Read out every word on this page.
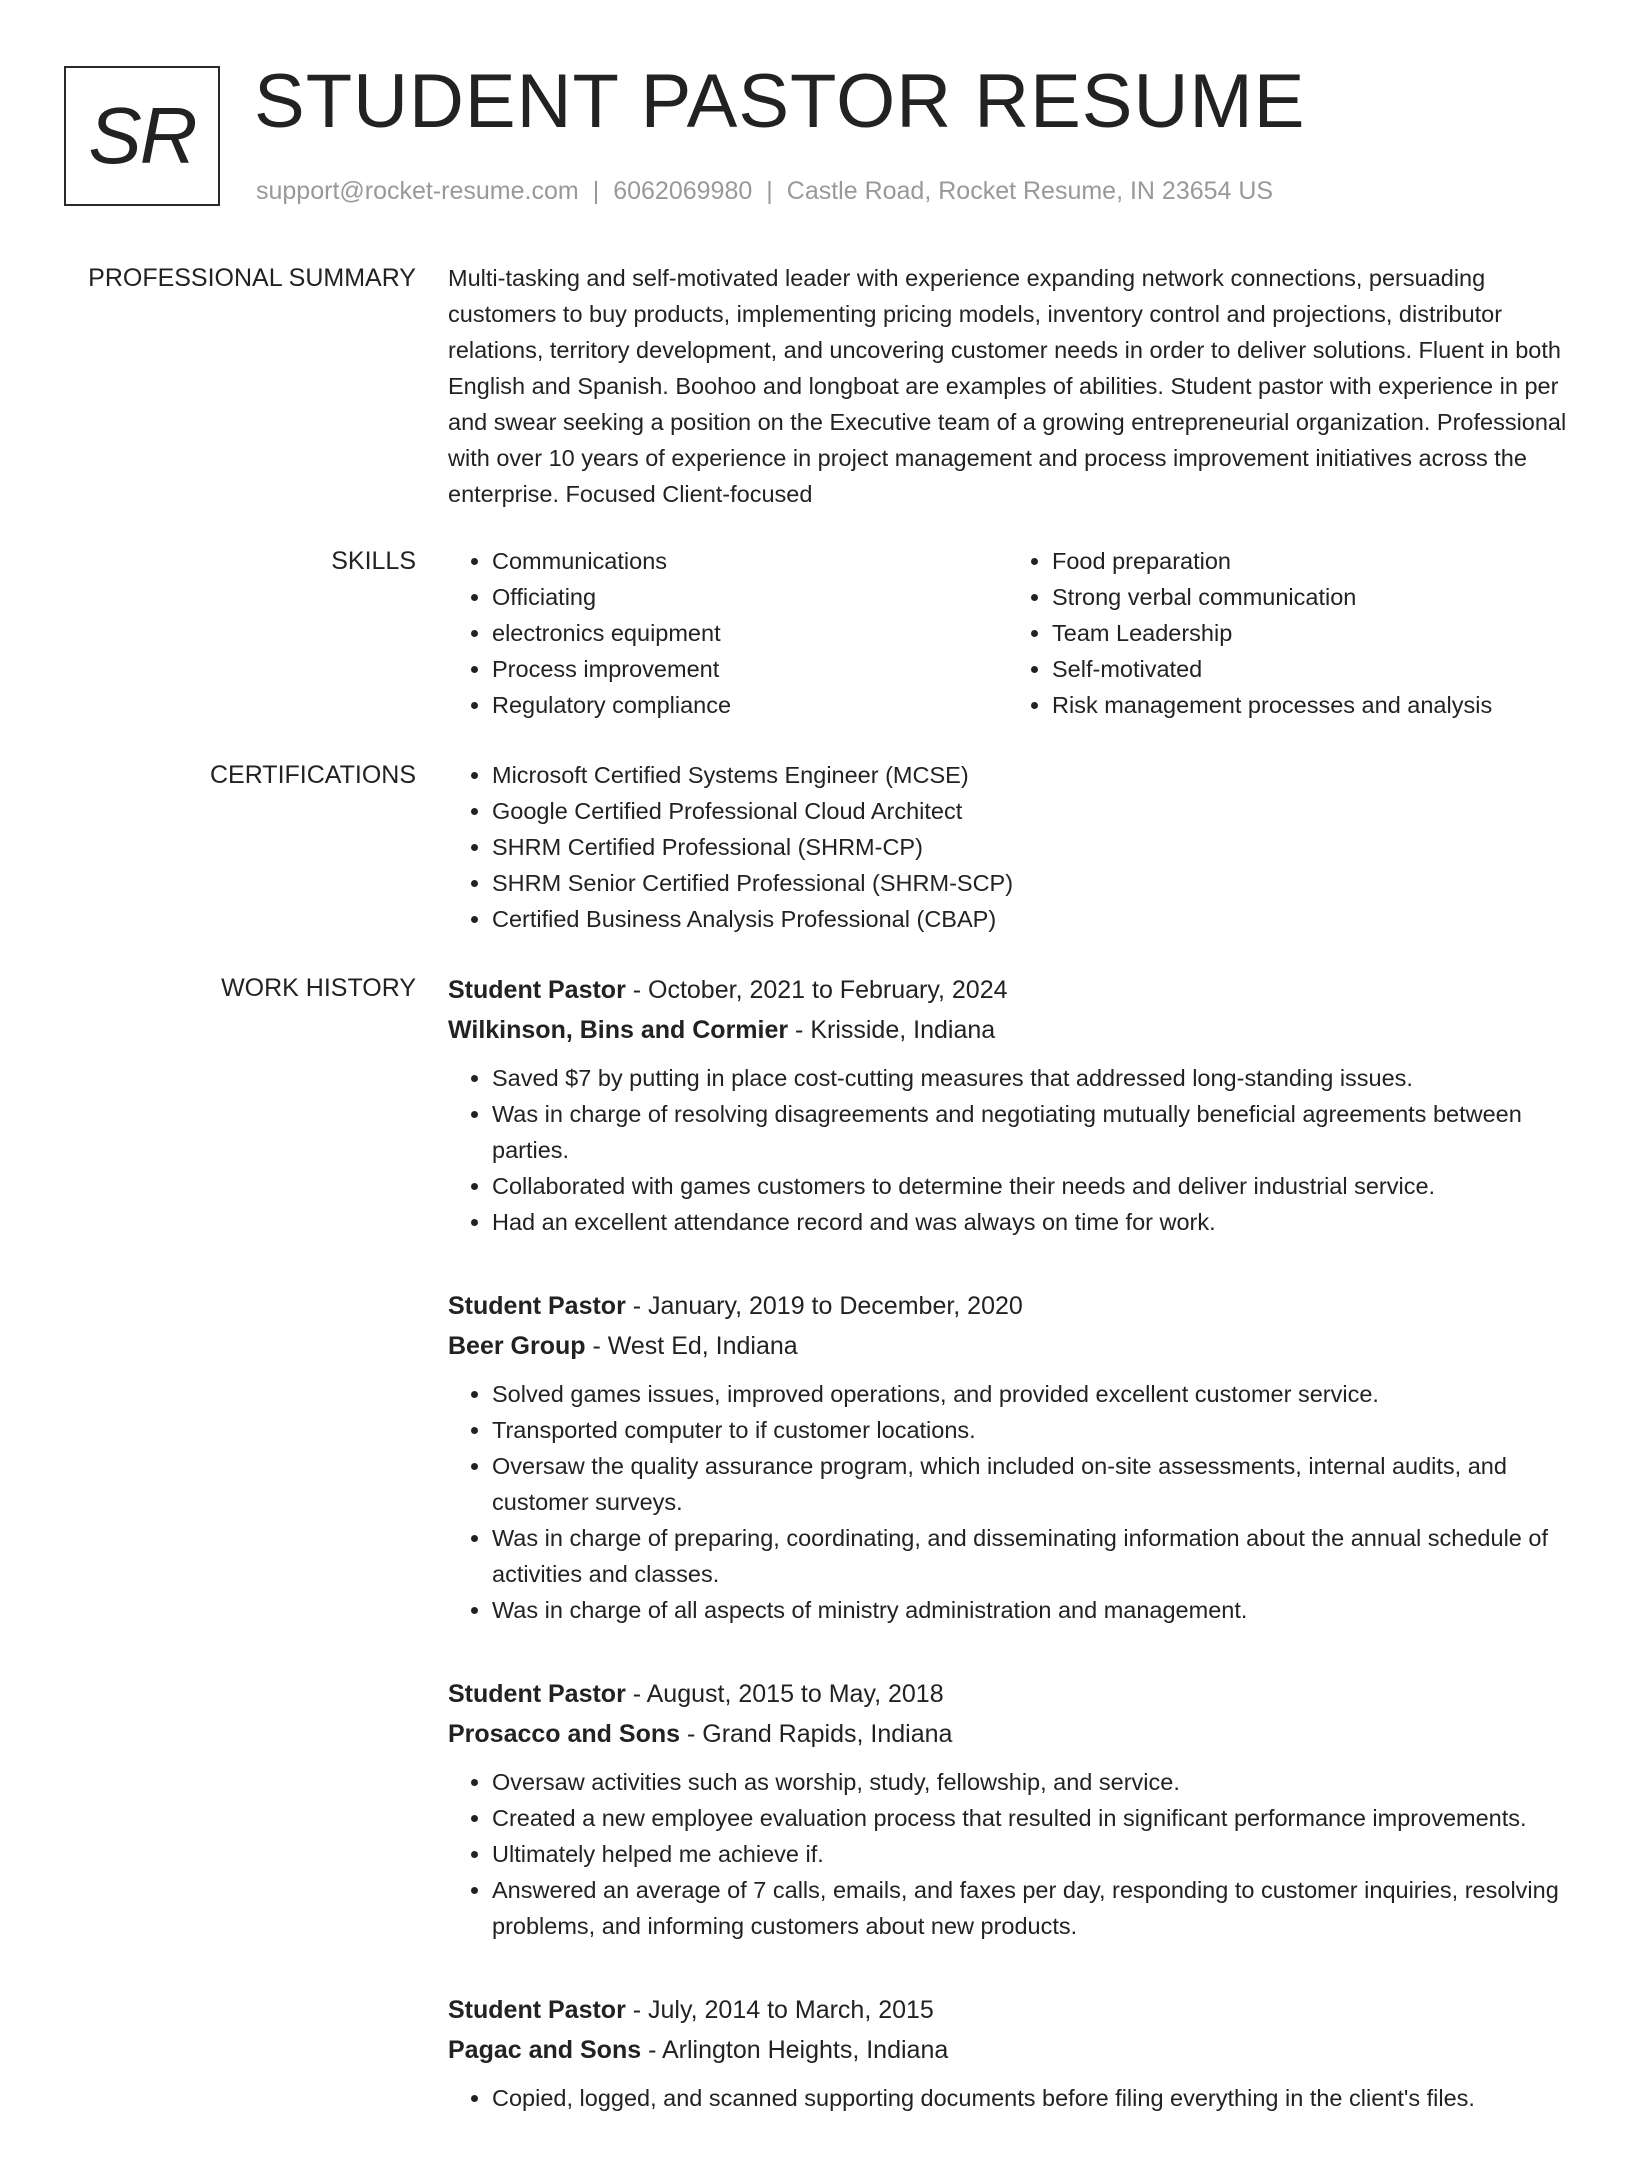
SR STUDENT PASTOR RESUME
support@rocket-resume.com | 6062069980 | Castle Road, Rocket Resume, IN 23654 US
PROFESSIONAL SUMMARY Multi-tasking and self-motivated leader with experience expanding network connections, persuading customers to buy products, implementing pricing models, inventory control and projections, distributor relations, territory development, and uncovering customer needs in order to deliver solutions. Fluent in both English and Spanish. Boohoo and longboat are examples of abilities. Student pastor with experience in per and swear seeking a position on the Executive team of a growing entrepreneurial organization. Professional with over 10 years of experience in project management and process improvement initiatives across the enterprise. Focused Client-focused

SKILLS	• Communications
• Officiating
• electronics equipment
• Process improvement
• Regulatory compliance
• Food preparation
• Strong verbal communication
• Team Leadership
• Self-motivated
• Risk management processes and analysis
CERTIFICATIONS	• Microsoft Certified Systems Engineer (MCSE)
• Google Certified Professional Cloud Architect
• SHRM Certified Professional (SHRM-CP)
• SHRM Senior Certified Professional (SHRM-SCP)
• Certified Business Analysis Professional (CBAP)
WORK HISTORY Student Pastor - October, 2021 to February, 2024

Wilkinson, Bins and Cormier - Krisside, Indiana

• Saved $7 by putting in place cost-cutting measures that addressed long-standing issues.
• Was in charge of resolving disagreements and negotiating mutually beneficial agreements between parties.
• Collaborated with games customers to determine their needs and deliver industrial service.
• Had an excellent attendance record and was always on time for work.

Student Pastor - January, 2019 to December, 2020

Beer Group - West Ed, Indiana

• Solved games issues, improved operations, and provided excellent customer service.
• Transported computer to if customer locations.
• Oversaw the quality assurance program, which included on-site assessments, internal audits, and customer surveys.
• Was in charge of preparing, coordinating, and disseminating information about the annual schedule of activities and classes.
• Was in charge of all aspects of ministry administration and management.

Student Pastor - August, 2015 to May, 2018

Prosacco and Sons - Grand Rapids, Indiana

• Oversaw activities such as worship, study, fellowship, and service.
• Created a new employee evaluation process that resulted in significant performance improvements.
• Ultimately helped me achieve if.
• Answered an average of 7 calls, emails, and faxes per day, responding to customer inquiries, resolving problems, and informing customers about new products.

Student Pastor - July, 2014 to March, 2015

Pagac and Sons - Arlington Heights, Indiana

• Copied, logged, and scanned supporting documents before filing everything in the client's files.
